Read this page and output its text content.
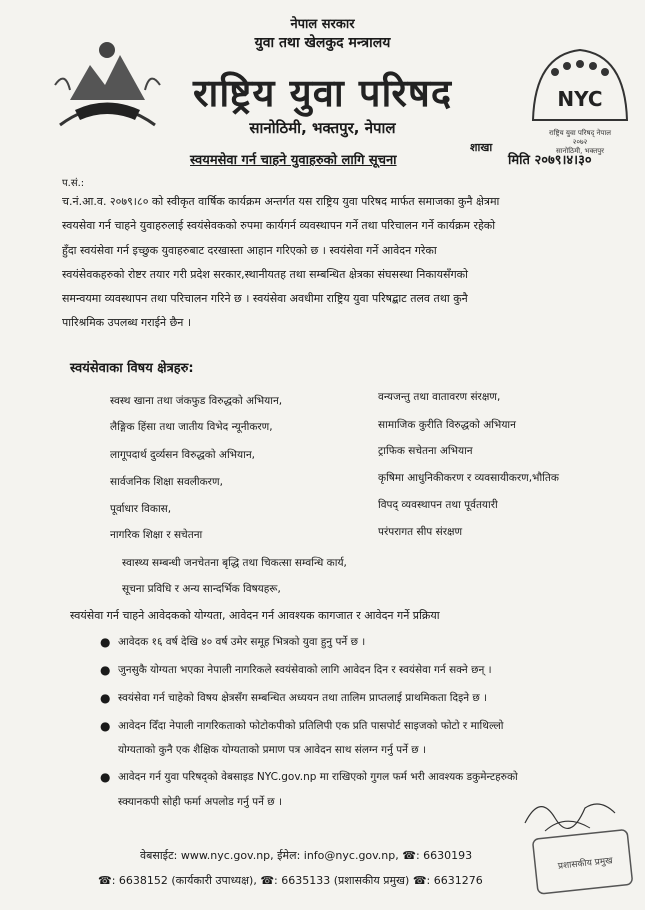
नेपाल सरकार
युवा तथा खेलकुद मन्त्रालय
राष्ट्रिय युवा परिषद
सानोठिमी, भक्तपुर, नेपाल
NYC
राष्ट्रिय युवा परिषद् नेपाल
२०७२
सानोठिमी, भक्तपुर
शाखा
स्वयमसेवा गर्न चाहने युवाहरुको लागि सूचना	मिति २०७९।४।३०
प.सं.:
च.नं.आ.व. २०७९।८० को स्वीकृत वार्षिक कार्यक्रम अन्तर्गत यस राष्ट्रिय युवा परिषद मार्फत समाजका कुनै क्षेत्रमा
स्वयसेवा गर्न चाहने युवाहरुलाई स्वयंसेवकको रुपमा कार्यगर्न व्यवस्थापन गर्ने तथा परिचालन गर्ने कार्यक्रम रहेको
हुँदा स्वयंसेवा गर्न इच्छुक युवाहरुबाट दरखास्ता आहान गरिएको छ । स्वयंसेवा गर्ने आवेदन गरेका
स्वयंसेवकहरुको रोष्टर तयार गरी प्रदेश सरकार,स्थानीयतह तथा सम्बन्धित क्षेत्रका संघसस्था निकायसँगको
समन्वयमा व्यवस्थापन तथा परिचालन गरिने छ । स्वयंसेवा अवधीमा राष्ट्रिय युवा परिषद्बाट तलव तथा कुनै
पारिश्रमिक उपलब्ध गराईने छैन ।
स्वयंसेवाका विषय क्षेत्रहरु:
स्वस्थ खाना तथा जंकफुड विरुद्धको अभियान,
लैङ्गिक हिंसा तथा जातीय विभेद न्यूनीकरण,
लागूपदार्थ दुर्व्यसन विरुद्धको अभियान,
सार्वजनिक शिक्षा सवलीकरण,
पूर्वाधार विकास,
नागरिक शिक्षा र सचेतना
वन्यजन्तु तथा वातावरण संरक्षण,
सामाजिक कुरीति विरुद्धको अभियान
ट्राफिक सचेतना अभियान
कृषिमा आधुनिकीकरण र व्यवसायीकरण,भौतिक
विपद् व्यवस्थापन तथा पूर्वतयारी
परंपरागत सीप संरक्षण
स्वास्थ्य सम्बन्धी जनचेतना बृद्धि तथा चिकत्सा सम्वन्धि कार्य,
सूचना प्रविधि र अन्य सान्दर्भिक विषयहरू,
स्वयंसेवा गर्न चाहने आवेदकको योग्यता, आवेदन गर्न आवश्यक कागजात र आवेदन गर्ने प्रक्रिया
● आवेदक १६ वर्ष देखि ४० वर्ष उमेर समूह भित्रको युवा हुनु पर्ने छ ।
● जुनसुकै योग्यता भएका नेपाली नागरिकले स्वयंसेवाको लागि आवेदन दिन र स्वयंसेवा गर्न सक्ने छन् ।
● स्वयंसेवा गर्न चाहेको विषय क्षेत्रसँग सम्बन्धित अध्ययन तथा तालिम प्राप्तलाई प्राथमिकता दिइने छ ।
● आवेदन दिँदा नेपाली नागरिकताको फोटोकपीको प्रतिलिपी एक प्रति पासपोर्ट साइजको फोटो र माथिल्लो
योग्यताको कुनै एक शैक्षिक योग्यताको प्रमाण पत्र आवेदन साथ संलग्न गर्नु पर्ने छ ।
● आवेदन गर्न युवा परिषद्को वेबसाइड NYC.gov.np मा राखिएको गुगल फर्म भरी आवश्यक डकुमेन्टहरुको
स्क्यानकपी सोही फर्मा अपलोड गर्नु पर्ने छ ।
प्रशासकीय प्रमुख
वेबसाईट: www.nyc.gov.np, ईमेल: info@nyc.gov.np, ☎: 6630193
☎: 6638152 (कार्यकारी उपाध्यक्ष), ☎: 6635133 (प्रशासकीय प्रमुख) ☎: 6631276
